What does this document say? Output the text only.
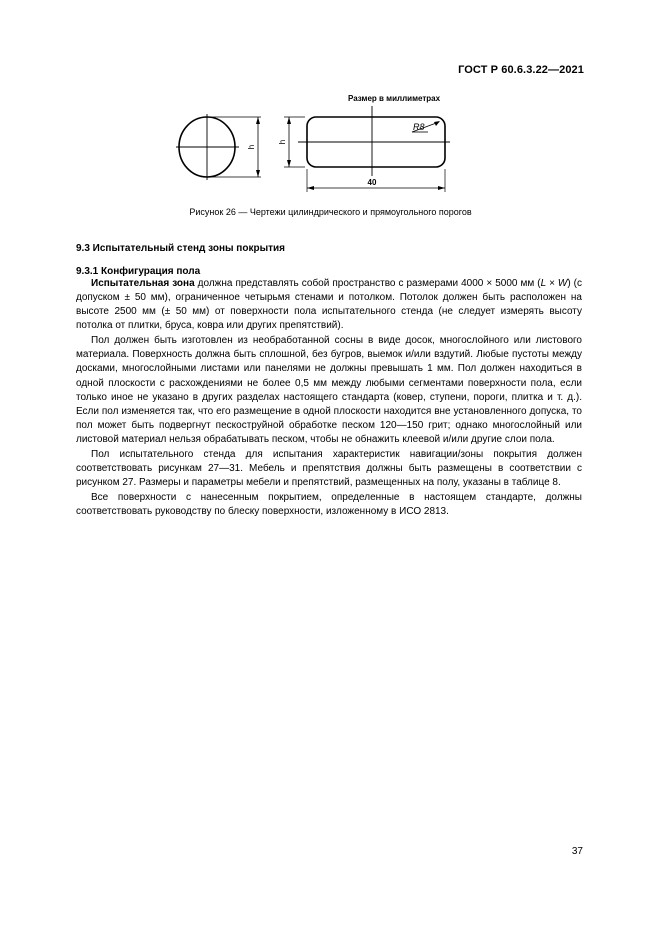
ГОСТ Р 60.6.3.22—2021
Размер в миллиметрах
h
h
R8
40
Рисунок 26 — Чертежи цилиндрического и прямоугольного порогов
9.3 Испытательный стенд зоны покрытия
9.3.1 Конфигурация пола

Испытательная зона должна представлять собой пространство с размерами 4000 × 5000 мм (L × W) (с допуском ± 50 мм), ограниченное четырьмя стенами и потолком. Потолок должен быть расположен на высоте 2500 мм (± 50 мм) от поверхности пола испытательного стенда (не следует измерять высоту потолка от плитки, бруса, ковра или других препятствий).

Пол должен быть изготовлен из необработанной сосны в виде досок, многослойного или листового материала. Поверхность должна быть сплошной, без бугров, выемок и/или вздутий. Любые пустоты между досками, многослойными листами или панелями не должны превышать 1 мм. Пол должен находиться в одной плоскости с расхождениями не более 0,5 мм между любыми сегментами поверхности пола, если только иное не указано в других разделах настоящего стандарта (ковер, ступени, пороги, плитка и т. д.). Если пол изменяется так, что его размещение в одной плоскости находится вне установленного допуска, то пол может быть подвергнут пескоструйной обработке песком 120—150 грит; однако многослойный или листовой материал нельзя обрабатывать песком, чтобы не обнажить клеевой и/или другие слои пола.

Пол испытательного стенда для испытания характеристик навигации/зоны покрытия должен соответствовать рисункам 27—31. Мебель и препятствия должны быть размещены в соответствии с рисунком 27. Размеры и параметры мебели и препятствий, размещенных на полу, указаны в таблице 8.

Все поверхности с нанесенным покрытием, определенные в настоящем стандарте, должны соответствовать руководству по блеску поверхности, изложенному в ИСО 2813.

37
